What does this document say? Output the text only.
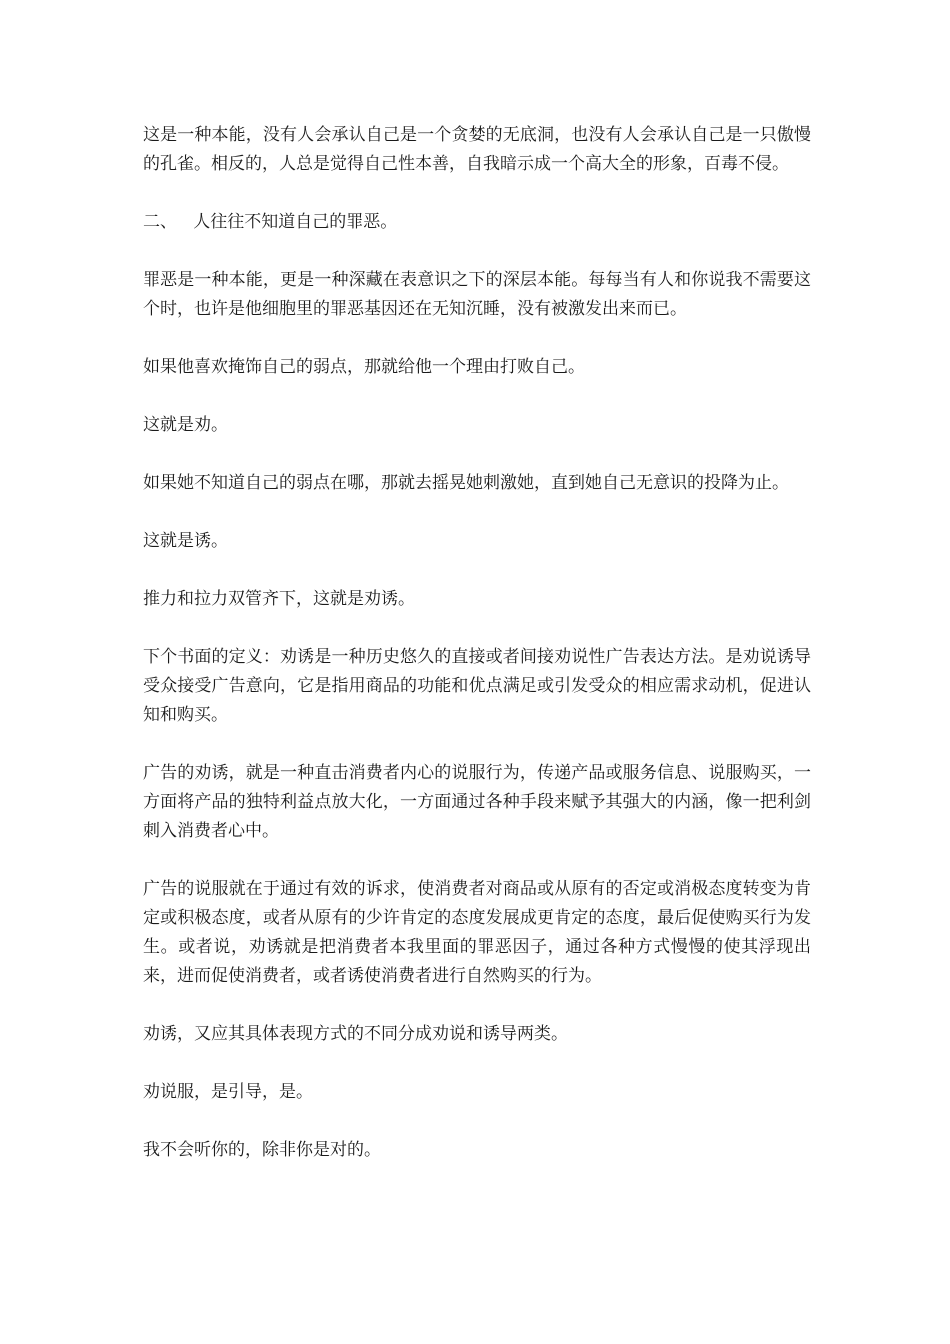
这是一种本能，没有人会承认自己是一个贪婪的无底洞，也没有人会承认自己是一只傲慢的孔雀。相反的，人总是觉得自己性本善，自我暗示成一个高大全的形象，百毒不侵。

二、   人往往不知道自己的罪恶。

罪恶是一种本能，更是一种深藏在表意识之下的深层本能。每每当有人和你说我不需要这个时，也许是他细胞里的罪恶基因还在无知沉睡，没有被激发出来而已。

如果他喜欢掩饰自己的弱点，那就给他一个理由打败自己。

这就是劝。

如果她不知道自己的弱点在哪，那就去摇晃她刺激她，直到她自己无意识的投降为止。

这就是诱。

推力和拉力双管齐下，这就是劝诱。

下个书面的定义：劝诱是一种历史悠久的直接或者间接劝说性广告表达方法。是劝说诱导受众接受广告意向，它是指用商品的功能和优点满足或引发受众的相应需求动机，促进认知和购买。

广告的劝诱，就是一种直击消费者内心的说服行为，传递产品或服务信息、说服购买，一方面将产品的独特利益点放大化，一方面通过各种手段来赋予其强大的内涵，像一把利剑刺入消费者心中。

广告的说服就在于通过有效的诉求，使消费者对商品或从原有的否定或消极态度转变为肯定或积极态度，或者从原有的少许肯定的态度发展成更肯定的态度，最后促使购买行为发生。或者说，劝诱就是把消费者本我里面的罪恶因子，通过各种方式慢慢的使其浮现出来，进而促使消费者，或者诱使消费者进行自然购买的行为。

劝诱，又应其具体表现方式的不同分成劝说和诱导两类。

劝说服，是引导，是。

我不会听你的，除非你是对的。
